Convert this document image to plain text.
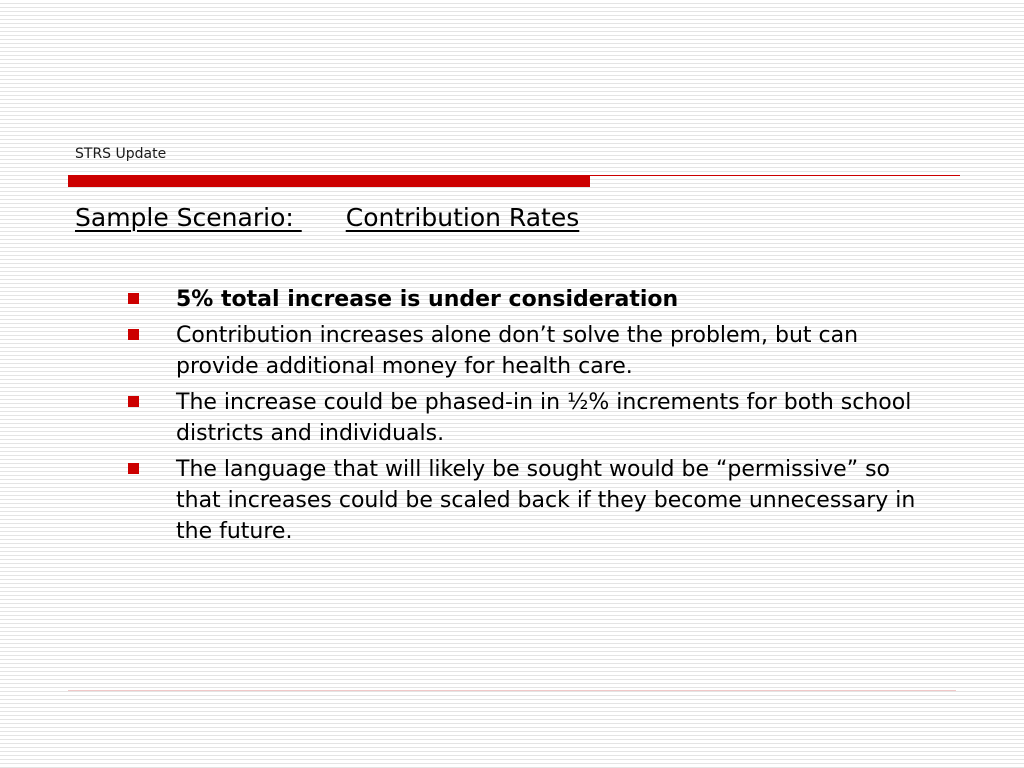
STRS Update
Sample Scenario: Contribution Rates
5% total increase is under consideration
Contribution increases alone don’t solve the problem, but can provide additional money for health care.
The increase could be phased-in in ½% increments for both school districts and individuals.
The language that will likely be sought would be “permissive” so that increases could be scaled back if they become unnecessary in the future.
